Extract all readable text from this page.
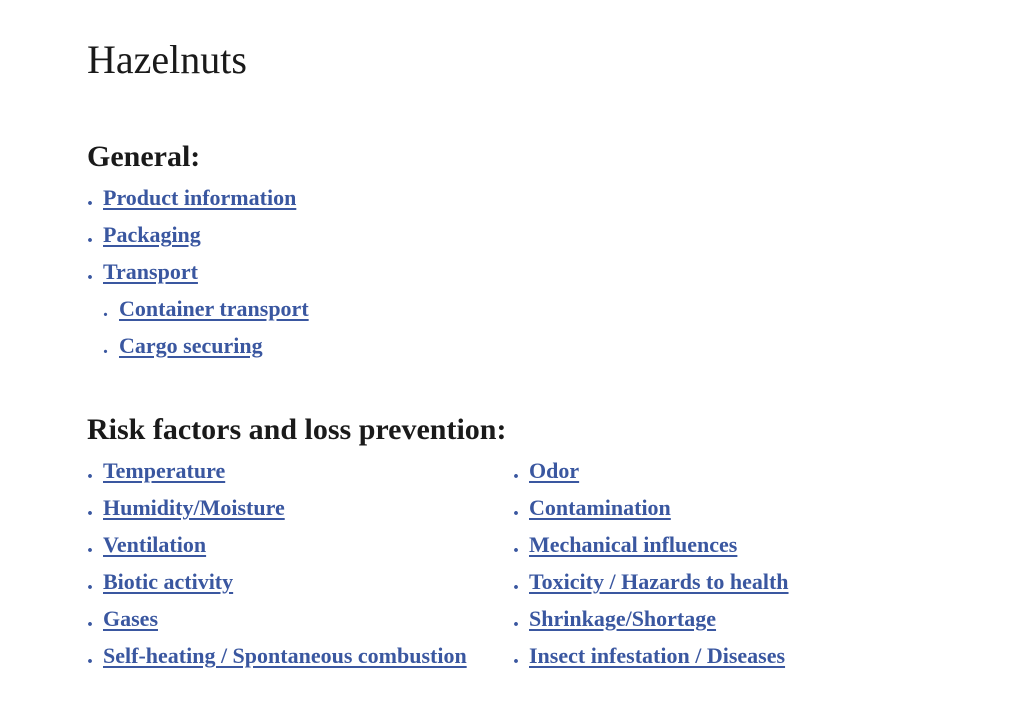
Hazelnuts
General:
. Product information
. Packaging
. Transport
. Container transport
. Cargo securing
Risk factors and loss prevention:
. Temperature
. Humidity/Moisture
. Ventilation
. Biotic activity
. Gases
. Self-heating / Spontaneous combustion
. Odor
. Contamination
. Mechanical influences
. Toxicity / Hazards to health
. Shrinkage/Shortage
. Insect infestation / Diseases
